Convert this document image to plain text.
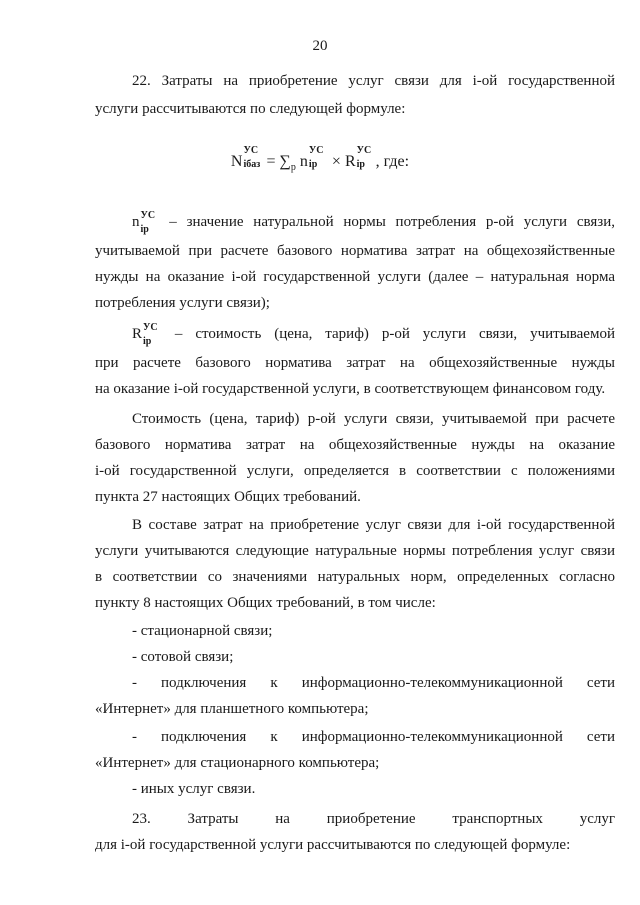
20
22. Затраты на приобретение услуг связи для i-ой государственной
услуги рассчитываются по следующей формуле:
N
УС
iбаз = $\sum_p$ n
УС
ip × R
УС
ip , где:
n УС
ip – значение натуральной нормы потребления р-ой услуги связи,
учитываемой при расчете базового норматива затрат на общехозяйственные
нужды на оказание i-ой государственной услуги (далее – натуральная норма
потребления услуги связи);
R УС
ip – стоимость (цена, тариф) р-ой услуги связи, учитываемой
при расчете базового норматива затрат на общехозяйственные нужды
на оказание i-ой государственной услуги, в соответствующем финансовом году.
Стоимость (цена, тариф) р-ой услуги связи, учитываемой при расчете
базового норматива затрат на общехозяйственные нужды на оказание
i-ой государственной услуги, определяется в соответствии с положениями
пункта 27 настоящих Общих требований.
В составе затрат на приобретение услуг связи для i-ой государственной
услуги учитываются следующие натуральные нормы потребления услуг связи
в соответствии со значениями натуральных норм, определенных согласно
пункту 8 настоящих Общих требований, в том числе:
- стационарной связи;
- сотовой связи;
- подключения к информационно-телекоммуникационной сети
«Интернет» для планшетного компьютера;
- подключения к информационно-телекоммуникационной сети
«Интернет» для стационарного компьютера;
- иных услуг связи.
23. Затраты на приобретение транспортных услуг
для i-ой государственной услуги рассчитываются по следующей формуле:
